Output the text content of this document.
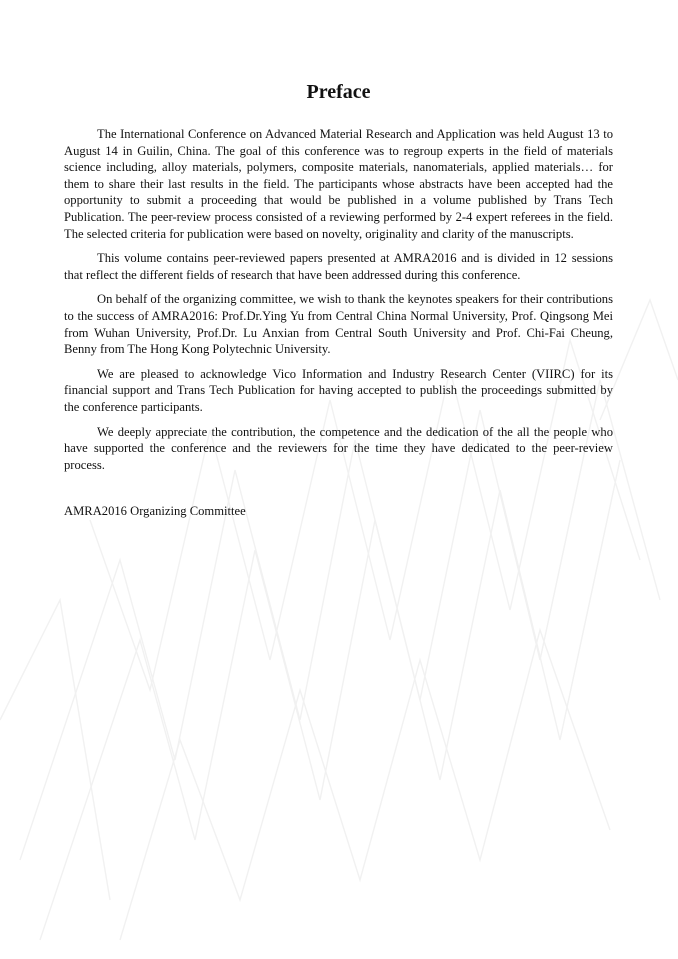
Preface

The International Conference on Advanced Material Research and Application was held August 13 to August 14 in Guilin, China. The goal of this conference was to regroup experts in the field of materials science including, alloy materials, polymers, composite materials, nanomaterials, applied materials… for them to share their last results in the field. The participants whose abstracts have been accepted had the opportunity to submit a proceeding that would be published in a volume published by Trans Tech Publication. The peer-review process consisted of a reviewing performed by 2-4 expert referees in the field. The selected criteria for publication were based on novelty, originality and clarity of the manuscripts.

This volume contains peer-reviewed papers presented at AMRA2016 and is divided in 12 sessions that reflect the different fields of research that have been addressed during this conference.

On behalf of the organizing committee, we wish to thank the keynotes speakers for their contributions to the success of AMRA2016: Prof.Dr.Ying Yu from Central China Normal University, Prof. Qingsong Mei from Wuhan University, Prof.Dr. Lu Anxian from Central South University and Prof. Chi-Fai Cheung, Benny from The Hong Kong Polytechnic University.

We are pleased to acknowledge Vico Information and Industry Research Center (VIIRC) for its financial support and Trans Tech Publication for having accepted to publish the proceedings submitted by the conference participants.

We deeply appreciate the contribution, the competence and the dedication of the all the people who have supported the conference and the reviewers for the time they have dedicated to the peer-review process.

AMRA2016 Organizing Committee
